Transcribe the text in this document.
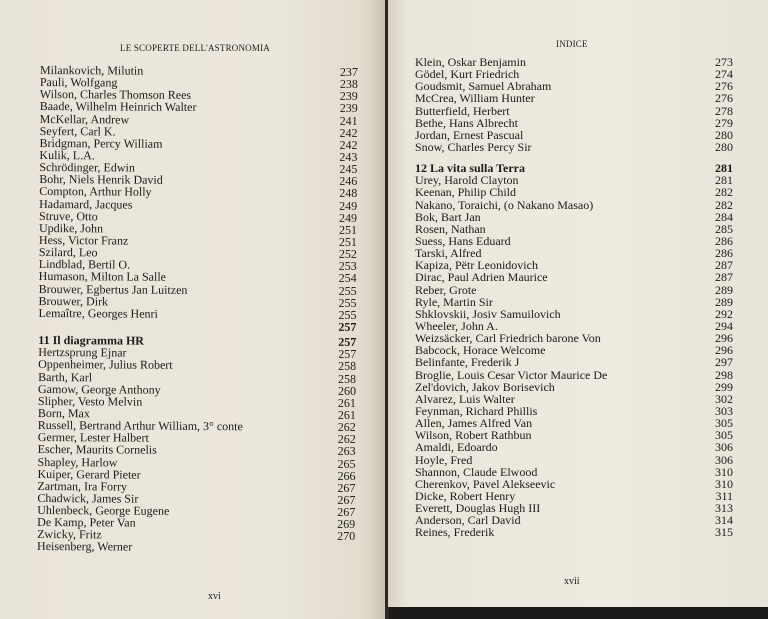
LE SCOPERTE DELL'ASTRONOMIA
Milankovich, Milutin	237
Pauli, Wolfgang	238
Wilson, Charles Thomson Rees	239
Baade, Wilhelm Heinrich Walter	239
McKellar, Andrew	241
Seyfert, Carl K.	242
Bridgman, Percy William	242
Kulik, L.A.	243
Schrödinger, Edwin	245
Bohr, Niels Henrik David	246
Compton, Arthur Holly	248
Hadamard, Jacques	249
Struve, Otto	249
Updike, John	251
Hess, Victor Franz	251
Szilard, Leo	252
Lindblad, Bertil O.	253
Humason, Milton La Salle	254
Brouwer, Egbertus Jan Luitzen	255
Brouwer, Dirk	255
Lemaître, Georges Henri	255
257
11 Il diagramma HR	257
Hertzsprung Ejnar	257
Oppenheimer, Julius Robert	258
Barth, Karl	258
Gamow, George Anthony	260
Slipher, Vesto Melvin	261
Born, Max	261
Russell, Bertrand Arthur William, 3° conte	262
Germer, Lester Halbert	262
Escher, Maurits Cornelis	263
Shapley, Harlow	265
Kuiper, Gerard Pieter	266
Zartman, Ira Forry	267
Chadwick, James Sir	267
Uhlenbeck, George Eugene	267
De Kamp, Peter Van	269
Zwicky, Fritz	270
Heisenberg, Werner
xvi
INDICE
Klein, Oskar Benjamin	273
Gödel, Kurt Friedrich	274
Goudsmit, Samuel Abraham	276
McCrea, William Hunter	276
Butterfield, Herbert	278
Bethe, Hans Albrecht	279
Jordan, Ernest Pascual	280
Snow, Charles Percy Sir	280
12 La vita sulla Terra	281
Urey, Harold Clayton	281
Keenan, Philip Child	282
Nakano, Toraichi, (o Nakano Masao)	282
Bok, Bart Jan	284
Rosen, Nathan	285
Suess, Hans Eduard	286
Tarski, Alfred	286
Kapiza, Pëtr Leonidovich	287
Dirac, Paul Adrien Maurice	287
Reber, Grote	289
Ryle, Martin Sir	289
Shklovskii, Josiv Samuilovich	292
Wheeler, John A.	294
Weizsäcker, Carl Friedrich barone Von	296
Babcock, Horace Welcome	296
Belinfante, Frederik J	297
Broglie, Louis Cesar Victor Maurice De	298
Zel'dovich, Jakov Borisevich	299
Alvarez, Luis Walter	302
Feynman, Richard Phillis	303
Allen, James Alfred Van	305
Wilson, Robert Rathbun	305
Amaldi, Edoardo	306
Hoyle, Fred	306
Shannon, Claude Elwood	310
Cherenkov, Pavel Alekseevic	310
Dicke, Robert Henry	311
Everett, Douglas Hugh III	313
Anderson, Carl David	314
Reines, Frederik	315
xvii
